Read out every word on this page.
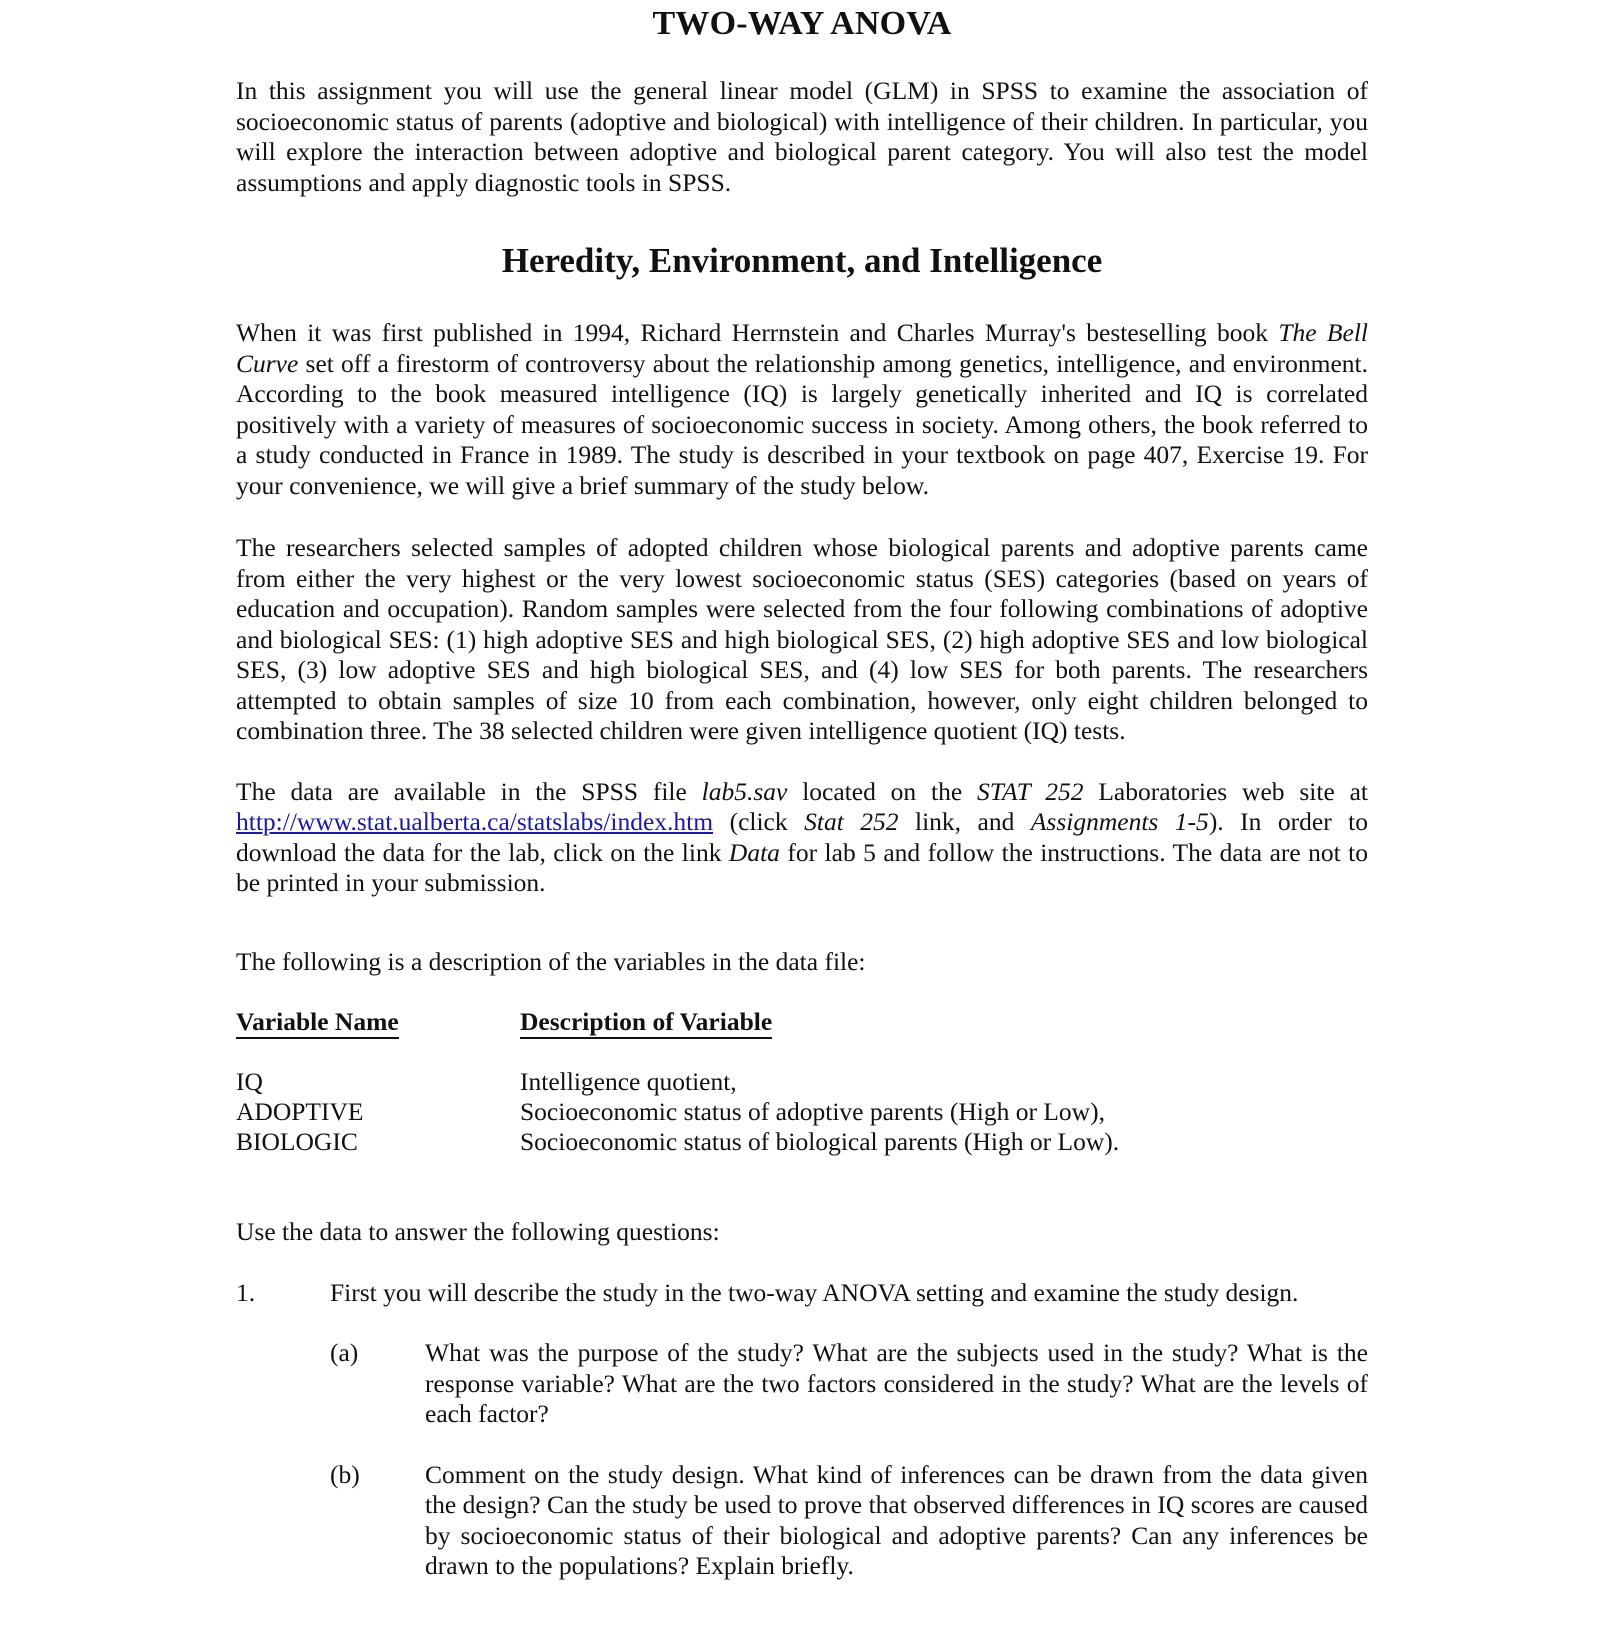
TWO-WAY ANOVA

In this assignment you will use the general linear model (GLM) in SPSS to examine the association of socioeconomic status of parents (adoptive and biological) with intelligence of their children. In particular, you will explore the interaction between adoptive and biological parent category. You will also test the model assumptions and apply diagnostic tools in SPSS.

Heredity, Environment, and Intelligence

When it was first published in 1994, Richard Herrnstein and Charles Murray's besteselling book The Bell Curve set off a firestorm of controversy about the relationship among genetics, intelligence, and environment. According to the book measured intelligence (IQ) is largely genetically inherited and IQ is correlated positively with a variety of measures of socioeconomic success in society. Among others, the book referred to a study conducted in France in 1989. The study is described in your textbook on page 407, Exercise 19. For your convenience, we will give a brief summary of the study below.

The researchers selected samples of adopted children whose biological parents and adoptive parents came from either the very highest or the very lowest socioeconomic status (SES) categories (based on years of education and occupation). Random samples were selected from the four following combinations of adoptive and biological SES: (1) high adoptive SES and high biological SES, (2) high adoptive SES and low biological SES, (3) low adoptive SES and high biological SES, and (4) low SES for both parents. The researchers attempted to obtain samples of size 10 from each combination, however, only eight children belonged to combination three. The 38 selected children were given intelligence quotient (IQ) tests.

The data are available in the SPSS file lab5.sav located on the STAT 252 Laboratories web site at http://www.stat.ualberta.ca/statslabs/index.htm (click Stat 252 link, and Assignments 1-5). In order to download the data for the lab, click on the link Data for lab 5 and follow the instructions. The data are not to be printed in your submission.

The following is a description of the variables in the data file:

Variable Name	Description of Variable
IQ	Intelligence quotient,
ADOPTIVE	Socioeconomic status of adoptive parents (High or Low),
BIOLOGIC	Socioeconomic status of biological parents (High or Low).

Use the data to answer the following questions:

1.	First you will describe the study in the two-way ANOVA setting and examine the study design.
(a)	What was the purpose of the study? What are the subjects used in the study? What is the response variable? What are the two factors considered in the study? What are the levels of each factor?
(b)	Comment on the study design. What kind of inferences can be drawn from the data given the design? Can the study be used to prove that observed differences in IQ scores are caused by socioeconomic status of their biological and adoptive parents? Can any inferences be drawn to the populations? Explain briefly.
